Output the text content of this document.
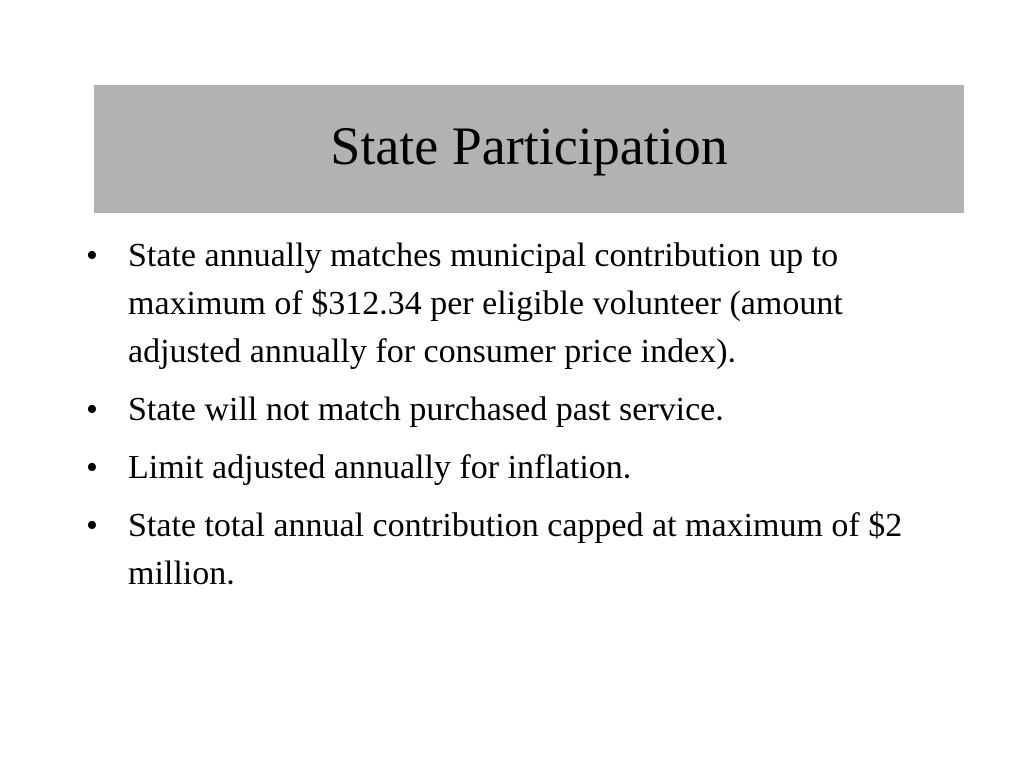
State Participation
• State annually matches municipal contribution up to maximum of $312.34 per eligible volunteer (amount adjusted annually for consumer price index).
• State will not match purchased past service.
• Limit adjusted annually for inflation.
• State total annual contribution capped at maximum of $2 million.
